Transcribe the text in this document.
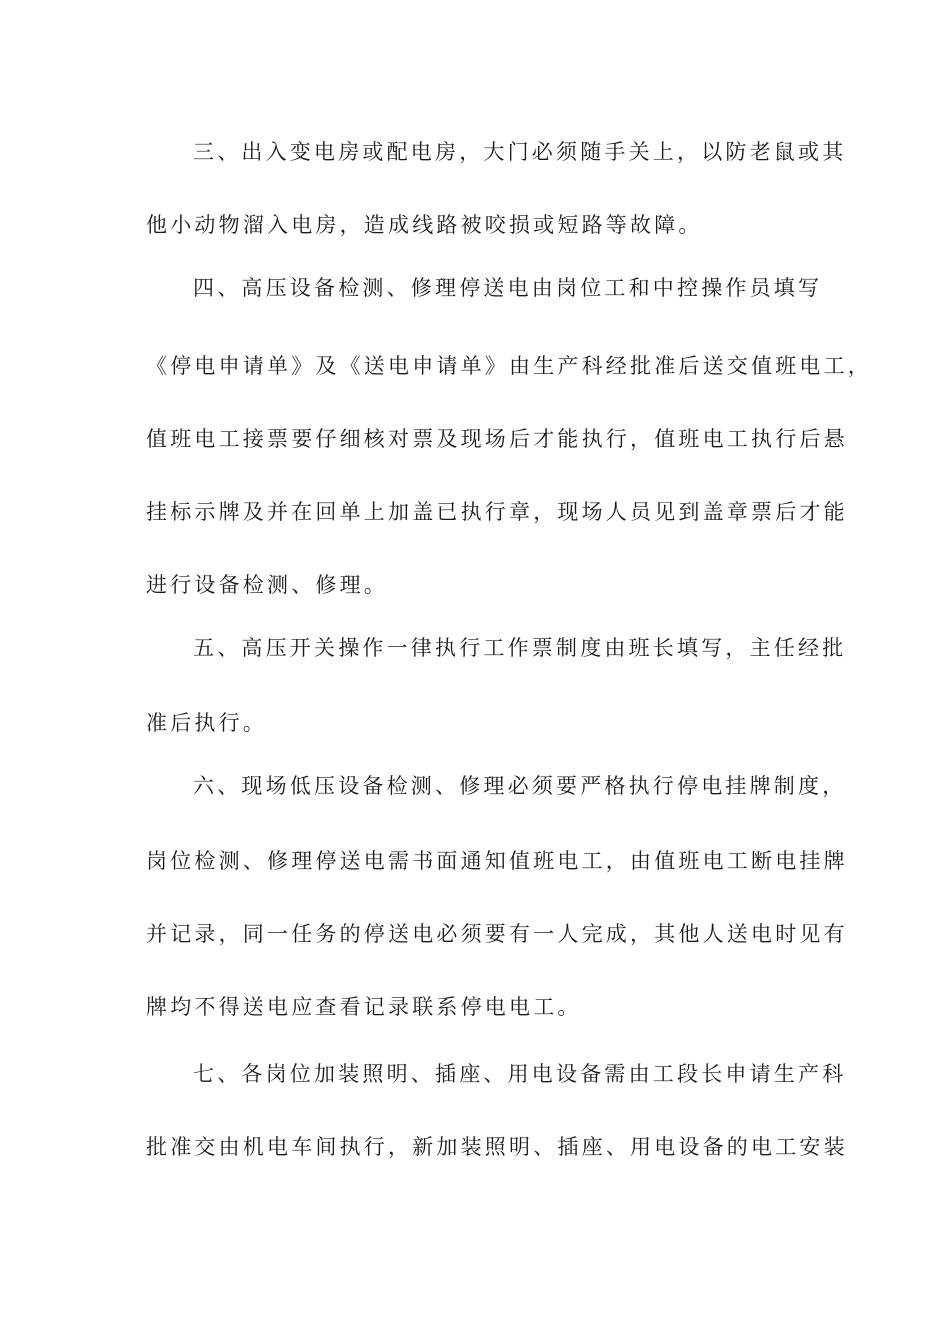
三、出入变电房或配电房，大门必须随手关上，以防老鼠或其
他小动物溜入电房，造成线路被咬损或短路等故障。
四、高压设备检测、修理停送电由岗位工和中控操作员填写
《停电申请单》及《送电申请单》由生产科经批准后送交值班电工，
值班电工接票要仔细核对票及现场后才能执行，值班电工执行后悬
挂标示牌及并在回单上加盖已执行章，现场人员见到盖章票后才能
进行设备检测、修理。
五、高压开关操作一律执行工作票制度由班长填写，主任经批
准后执行。
六、现场低压设备检测、修理必须要严格执行停电挂牌制度，
岗位检测、修理停送电需书面通知值班电工，由值班电工断电挂牌
并记录，同一任务的停送电必须要有一人完成，其他人送电时见有
牌均不得送电应查看记录联系停电电工。
七、各岗位加装照明、插座、用电设备需由工段长申请生产科
批准交由机电车间执行，新加装照明、插座、用电设备的电工安装
